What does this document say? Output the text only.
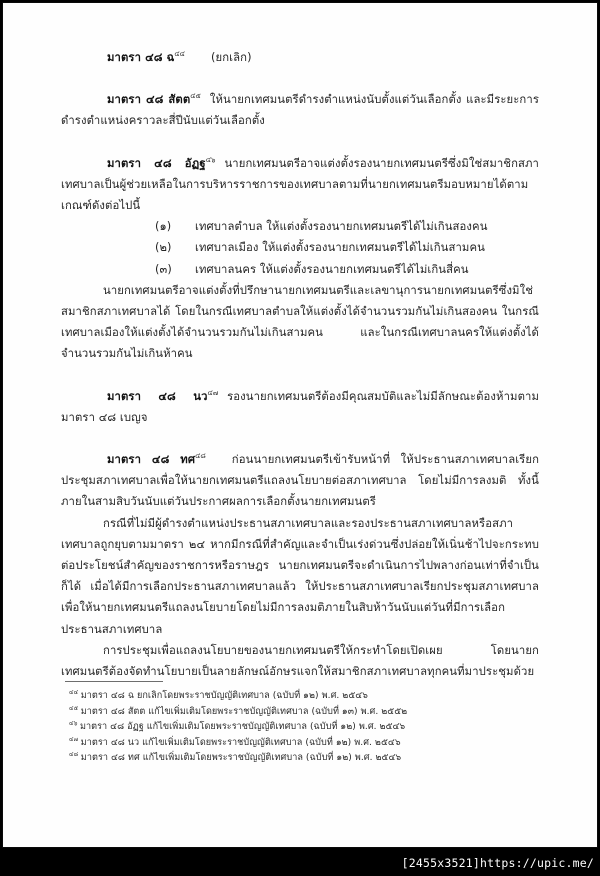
มาตรา ๔๘ ฉ$^{๔๔}$ (ยกเลิก)

มาตรา ๔๘ สัตต$^{๔๕}$ ให้นายกเทศมนตรีดำรงตำแหน่งนับตั้งแต่วันเลือกตั้ง และมีระยะการดำรงตำแหน่งคราวละสี่ปีนับแต่วันเลือกตั้ง

มาตรา ๔๘ อัฏฐ$^{๔๖}$ นายกเทศมนตรีอาจแต่งตั้งรองนายกเทศมนตรีซึ่งมิใช่สมาชิกสภาเทศบาลเป็นผู้ช่วยเหลือในการบริหารราชการของเทศบาลตามที่นายกเทศมนตรีมอบหมายได้ตามเกณฑ์ดังต่อไปนี้

(๑)	เทศบาลตำบล ให้แต่งตั้งรองนายกเทศมนตรีได้ไม่เกินสองคน
(๒)	เทศบาลเมือง ให้แต่งตั้งรองนายกเทศมนตรีได้ไม่เกินสามคน
(๓)	เทศบาลนคร ให้แต่งตั้งรองนายกเทศมนตรีได้ไม่เกินสี่คน

นายกเทศมนตรีอาจแต่งตั้งที่ปรึกษานายกเทศมนตรีและเลขานุการนายกเทศมนตรีซึ่งมิใช่สมาชิกสภาเทศบาลได้ โดยในกรณีเทศบาลตำบลให้แต่งตั้งได้จำนวนรวมกันไม่เกินสองคน ในกรณีเทศบาลเมืองให้แต่งตั้งได้จำนวนรวมกันไม่เกินสามคน และในกรณีเทศบาลนครให้แต่งตั้งได้จำนวนรวมกันไม่เกินห้าคน

มาตรา ๔๘ นว$^{๔๗}$ รองนายกเทศมนตรีต้องมีคุณสมบัติและไม่มีลักษณะต้องห้ามตามมาตรา ๔๘ เบญจ

มาตรา ๔๘ ทศ$^{๔๘}$ ก่อนนายกเทศมนตรีเข้ารับหน้าที่ ให้ประธานสภาเทศบาลเรียกประชุมสภาเทศบาลเพื่อให้นายกเทศมนตรีแถลงนโยบายต่อสภาเทศบาล โดยไม่มีการลงมติ ทั้งนี้ ภายในสามสิบวันนับแต่วันประกาศผลการเลือกตั้งนายกเทศมนตรี

กรณีที่ไม่มีผู้ดำรงตำแหน่งประธานสภาเทศบาลและรองประธานสภาเทศบาลหรือสภาเทศบาลถูกยุบตามมาตรา ๒๔ หากมีกรณีที่สำคัญและจำเป็นเร่งด่วนซึ่งปล่อยให้เนิ่นช้าไปจะกระทบต่อประโยชน์สำคัญของราชการหรือราษฎร นายกเทศมนตรีจะดำเนินการไปพลางก่อนเท่าที่จำเป็นก็ได้ เมื่อได้มีการเลือกประธานสภาเทศบาลแล้ว ให้ประธานสภาเทศบาลเรียกประชุมสภาเทศบาลเพื่อให้นายกเทศมนตรีแถลงนโยบายโดยไม่มีการลงมติภายในสิบห้าวันนับแต่วันที่มีการเลือกประธานสภาเทศบาล

การประชุมเพื่อแถลงนโยบายของนายกเทศมนตรีให้กระทำโดยเปิดเผย โดยนายกเทศมนตรีต้องจัดทำนโยบายเป็นลายลักษณ์อักษรแจกให้สมาชิกสภาเทศบาลทุกคนที่มาประชุมด้วย

$^{๔๔}$ มาตรา ๔๘ ฉ ยกเลิกโดยพระราชบัญญัติเทศบาล (ฉบับที่ ๑๒) พ.ศ. ๒๕๔๖
$^{๔๕}$ มาตรา ๔๘ สัตต แก้ไขเพิ่มเติมโดยพระราชบัญญัติเทศบาล (ฉบับที่ ๑๓) พ.ศ. ๒๕๕๒
$^{๔๖}$ มาตรา ๔๘ อัฏฐ แก้ไขเพิ่มเติมโดยพระราชบัญญัติเทศบาล (ฉบับที่ ๑๒) พ.ศ. ๒๕๔๖
$^{๔๗}$ มาตรา ๔๘ นว แก้ไขเพิ่มเติมโดยพระราชบัญญัติเทศบาล (ฉบับที่ ๑๒) พ.ศ. ๒๕๔๖
$^{๔๘}$ มาตรา ๔๘ ทศ แก้ไขเพิ่มเติมโดยพระราชบัญญัติเทศบาล (ฉบับที่ ๑๒) พ.ศ. ๒๕๔๖
[2455x3521]https://upic.me/
